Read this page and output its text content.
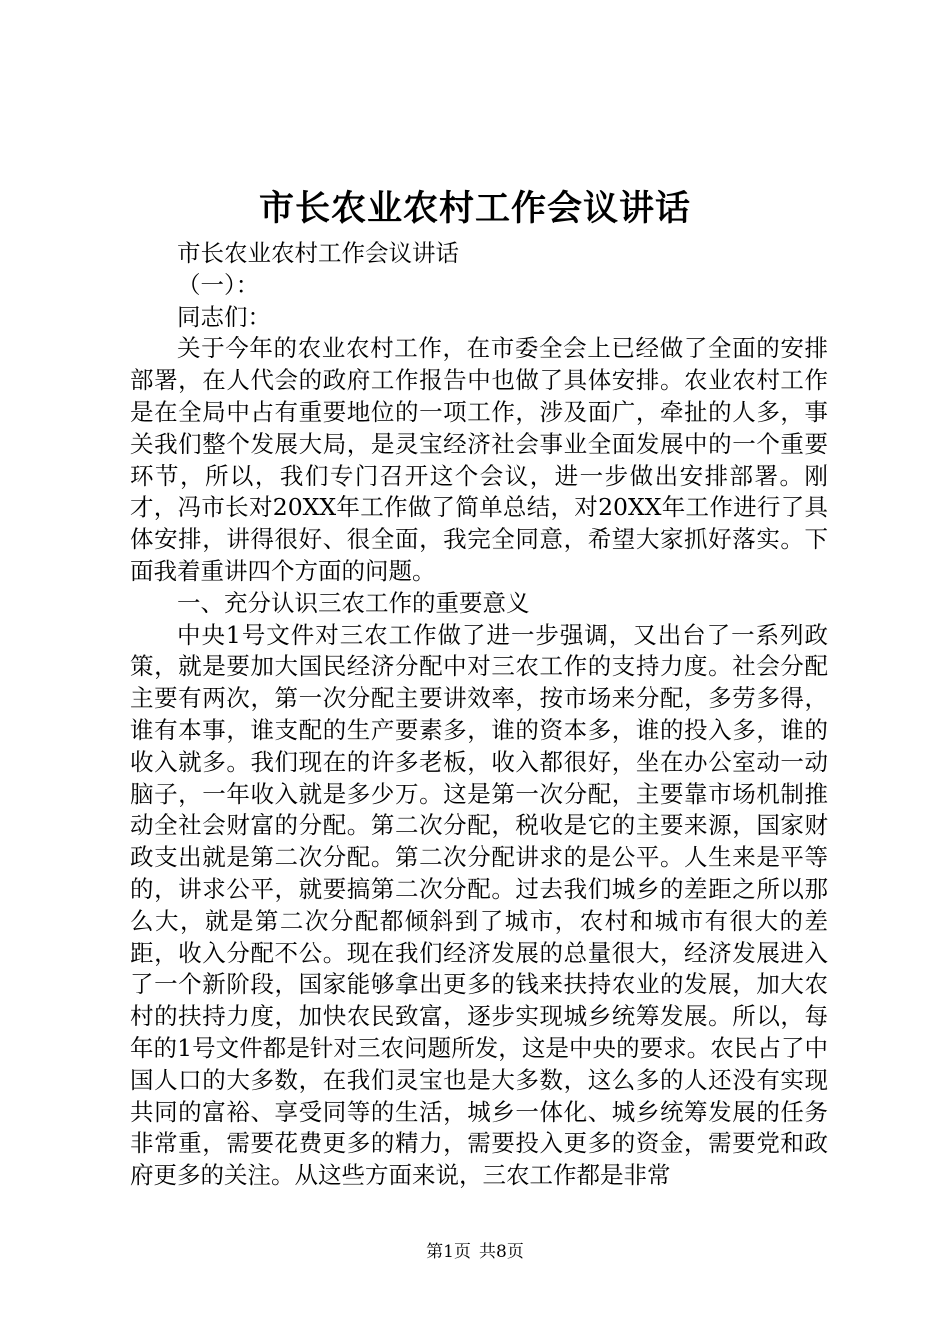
市长农业农村工作会议讲话

市长农业农村工作会议讲话

（一）：

同志们：

关于今年的农业农村工作，在市委全会上已经做了全面的安排部署，在人代会的政府工作报告中也做了具体安排。农业农村工作是在全局中占有重要地位的一项工作，涉及面广，牵扯的人多，事关我们整个发展大局，是灵宝经济社会事业全面发展中的一个重要环节，所以，我们专门召开这个会议，进一步做出安排部署。刚才，冯市长对20XX年工作做了简单总结，对20XX年工作进行了具体安排，讲得很好、很全面，我完全同意，希望大家抓好落实。下面我着重讲四个方面的问题。

一、充分认识三农工作的重要意义

中央1号文件对三农工作做了进一步强调，又出台了一系列政策，就是要加大国民经济分配中对三农工作的支持力度。社会分配主要有两次，第一次分配主要讲效率，按市场来分配，多劳多得，谁有本事，谁支配的生产要素多，谁的资本多，谁的投入多，谁的收入就多。我们现在的许多老板，收入都很好，坐在办公室动一动脑子，一年收入就是多少万。这是第一次分配，主要靠市场机制推动全社会财富的分配。第二次分配，税收是它的主要来源，国家财政支出就是第二次分配。第二次分配讲求的是公平。人生来是平等的，讲求公平，就要搞第二次分配。过去我们城乡的差距之所以那么大，就是第二次分配都倾斜到了城市，农村和城市有很大的差距，收入分配不公。现在我们经济发展的总量很大，经济发展进入了一个新阶段，国家能够拿出更多的钱来扶持农业的发展，加大农村的扶持力度，加快农民致富，逐步实现城乡统筹发展。所以，每年的1号文件都是针对三农问题所发，这是中央的要求。农民占了中国人口的大多数，在我们灵宝也是大多数，这么多的人还没有实现共同的富裕、享受同等的生活，城乡一体化、城乡统筹发展的任务非常重，需要花费更多的精力，需要投入更多的资金，需要党和政府更多的关注。从这些方面来说，三农工作都是非常

第1页 共8页
